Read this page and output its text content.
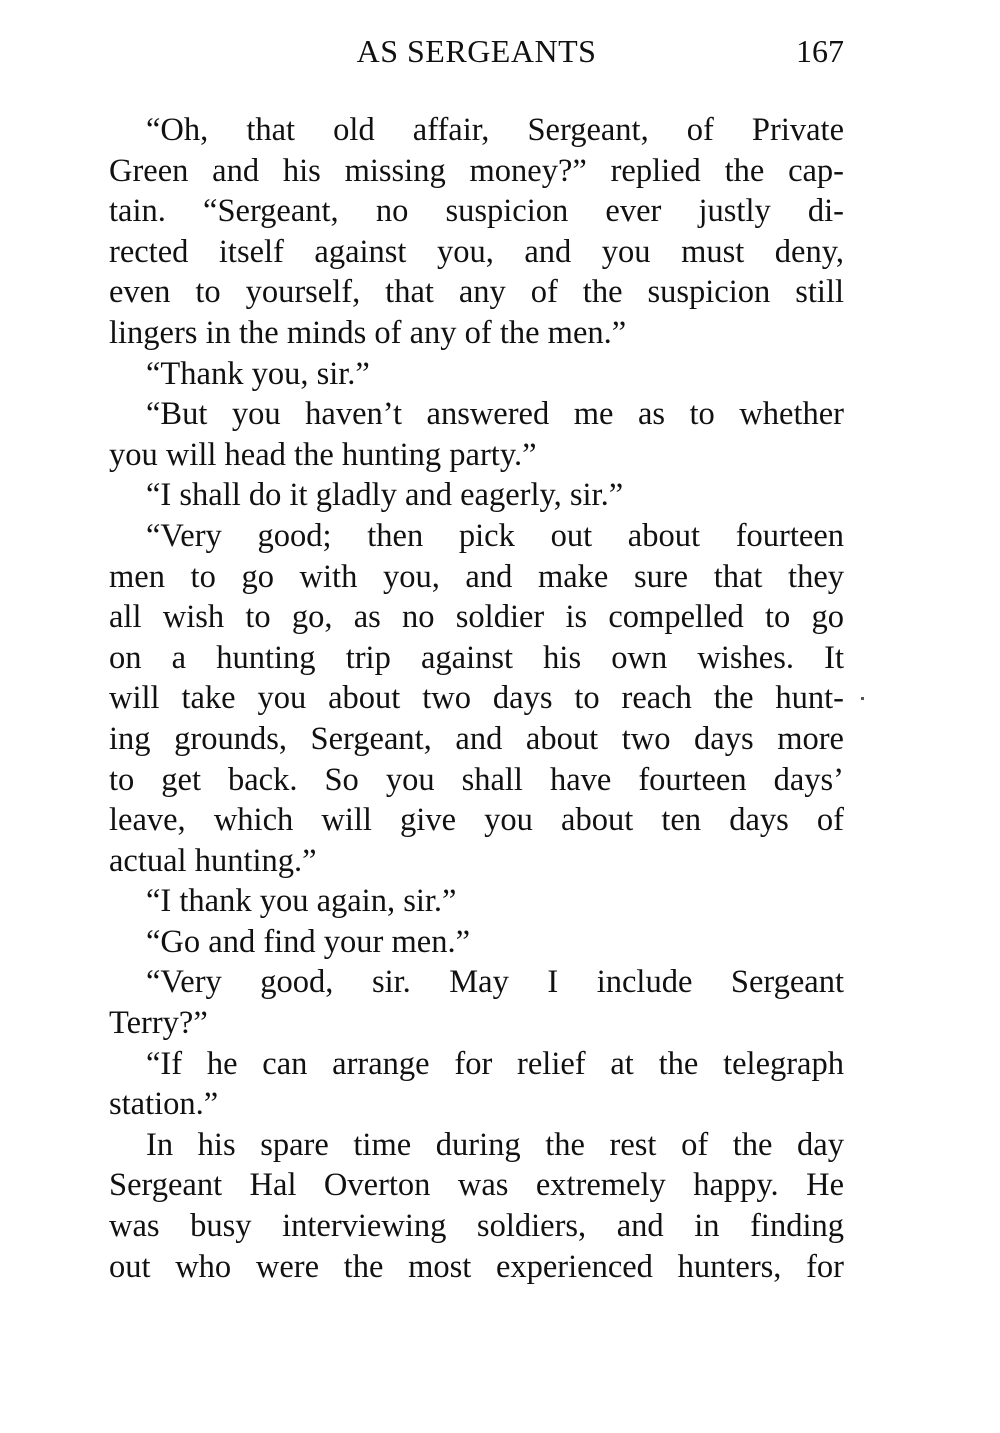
AS SERGEANTS	167
“Oh, that old affair, Sergeant, of Private
Green and his missing money?” replied the cap-
tain. “Sergeant, no suspicion ever justly di-
rected itself against you, and you must deny,
even to yourself, that any of the suspicion still
lingers in the minds of any of the men.”
“Thank you, sir.”
“But you haven’t answered me as to whether
you will head the hunting party.”
“I shall do it gladly and eagerly, sir.”
“Very good; then pick out about fourteen
men to go with you, and make sure that they
all wish to go, as no soldier is compelled to go
on a hunting trip against his own wishes. It
will take you about two days to reach the hunt-
ing grounds, Sergeant, and about two days more
to get back. So you shall have fourteen days’
leave, which will give you about ten days of
actual hunting.”
“I thank you again, sir.”
“Go and find your men.”
“Very good, sir. May I include Sergeant
Terry?”
“If he can arrange for relief at the telegraph
station.”
In his spare time during the rest of the day
Sergeant Hal Overton was extremely happy. He
was busy interviewing soldiers, and in finding
out who were the most experienced hunters, for
